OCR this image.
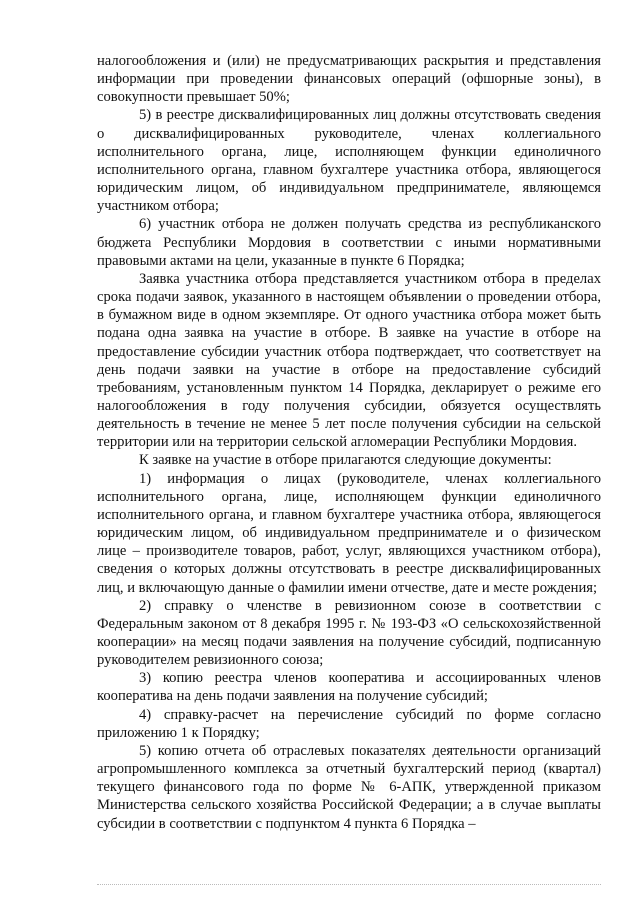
налогообложения и (или) не предусматривающих раскрытия и представления информации при проведении финансовых операций (офшорные зоны), в совокупности превышает 50%;

5) в реестре дисквалифицированных лиц должны отсутствовать сведения о дисквалифицированных руководителе, членах коллегиального исполнительного органа, лице, исполняющем функции единоличного исполнительного органа, главном бухгалтере участника отбора, являющегося юридическим лицом, об индивидуальном предпринимателе, являющемся участником отбора;

6) участник отбора не должен получать средства из республиканского бюджета Республики Мордовия в соответствии с иными нормативными правовыми актами на цели, указанные в пункте 6 Порядка;

Заявка участника отбора представляется участником отбора в пределах срока подачи заявок, указанного в настоящем объявлении о проведении отбора, в бумажном виде в одном экземпляре. От одного участника отбора может быть подана одна заявка на участие в отборе. В заявке на участие в отборе на предоставление субсидии участник отбора подтверждает, что соответствует на день подачи заявки на участие в отборе на предоставление субсидий требованиям, установленным пунктом 14 Порядка, декларирует о режиме его налогообложения в году получения субсидии, обязуется осуществлять деятельность в течение не менее 5 лет после получения субсидии на сельской территории или на территории сельской агломерации Республики Мордовия.

К заявке на участие в отборе прилагаются следующие документы:

1) информация о лицах (руководителе, членах коллегиального исполнительного органа, лице, исполняющем функции единоличного исполнительного органа, и главном бухгалтере участника отбора, являющегося юридическим лицом, об индивидуальном предпринимателе и о физическом лице – производителе товаров, работ, услуг, являющихся участником отбора), сведения о которых должны отсутствовать в реестре дисквалифицированных лиц, и включающую данные о фамилии имени отчестве, дате и месте рождения;

2) справку о членстве в ревизионном союзе в соответствии с Федеральным законом от 8 декабря 1995 г. № 193-ФЗ «О сельскохозяйственной кооперации» на месяц подачи заявления на получение субсидий, подписанную руководителем ревизионного союза;

3) копию реестра членов кооператива и ассоциированных членов кооператива на день подачи заявления на получение субсидий;

4) справку-расчет на перечисление субсидий по форме согласно приложению 1 к Порядку;

5) копию отчета об отраслевых показателях деятельности организаций агропромышленного комплекса за отчетный бухгалтерский период (квартал) текущего финансового года по форме № 6-АПК, утвержденной приказом Министерства сельского хозяйства Российской Федерации; а в случае выплаты субсидии в соответствии с подпунктом 4 пункта 6 Порядка –
